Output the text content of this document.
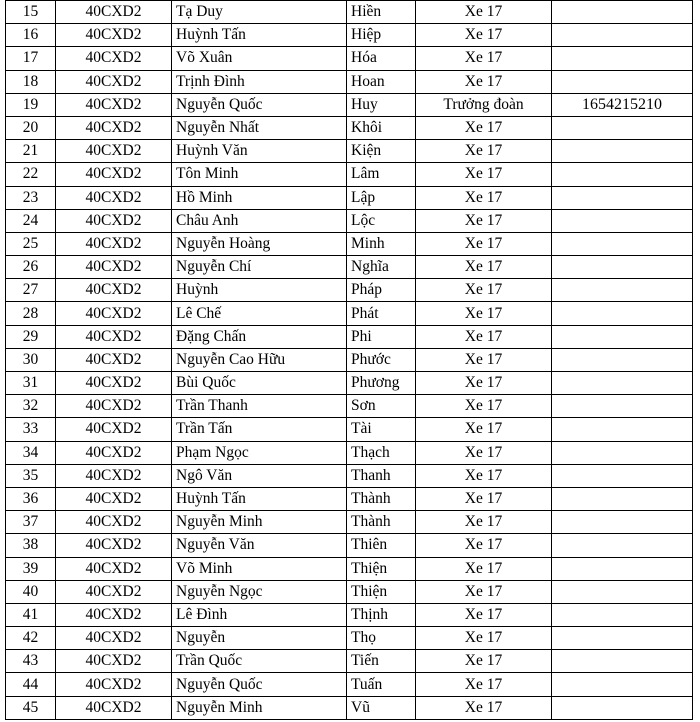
15	40CXD2	Tạ Duy	Hiền	Xe 17	
16	40CXD2	Huỳnh Tấn	Hiệp	Xe 17	
17	40CXD2	Võ Xuân	Hóa	Xe 17	
18	40CXD2	Trịnh Đình	Hoan	Xe 17	
19	40CXD2	Nguyễn Quốc	Huy	Trưởng đoàn	1654215210
20	40CXD2	Nguyễn Nhất	Khôi	Xe 17	
21	40CXD2	Huỳnh Văn	Kiện	Xe 17	
22	40CXD2	Tôn Minh	Lâm	Xe 17	
23	40CXD2	Hồ Minh	Lập	Xe 17	
24	40CXD2	Châu Anh	Lộc	Xe 17	
25	40CXD2	Nguyễn Hoàng	Minh	Xe 17	
26	40CXD2	Nguyễn Chí	Nghĩa	Xe 17	
27	40CXD2	Huỳnh	Pháp	Xe 17	
28	40CXD2	Lê Chế	Phát	Xe 17	
29	40CXD2	Đặng Chấn	Phi	Xe 17	
30	40CXD2	Nguyễn Cao Hữu	Phước	Xe 17	
31	40CXD2	Bùi Quốc	Phương	Xe 17	
32	40CXD2	Trần Thanh	Sơn	Xe 17	
33	40CXD2	Trần Tấn	Tài	Xe 17	
34	40CXD2	Phạm Ngọc	Thạch	Xe 17	
35	40CXD2	Ngô Văn	Thanh	Xe 17	
36	40CXD2	Huỳnh Tấn	Thành	Xe 17	
37	40CXD2	Nguyễn Minh	Thành	Xe 17	
38	40CXD2	Nguyễn Văn	Thiên	Xe 17	
39	40CXD2	Võ Minh	Thiện	Xe 17	
40	40CXD2	Nguyễn Ngọc	Thiện	Xe 17	
41	40CXD2	Lê Đình	Thịnh	Xe 17	
42	40CXD2	Nguyễn	Thọ	Xe 17	
43	40CXD2	Trần Quốc	Tiến	Xe 17	
44	40CXD2	Nguyễn Quốc	Tuấn	Xe 17	
45	40CXD2	Nguyễn Minh	Vũ	Xe 17	
